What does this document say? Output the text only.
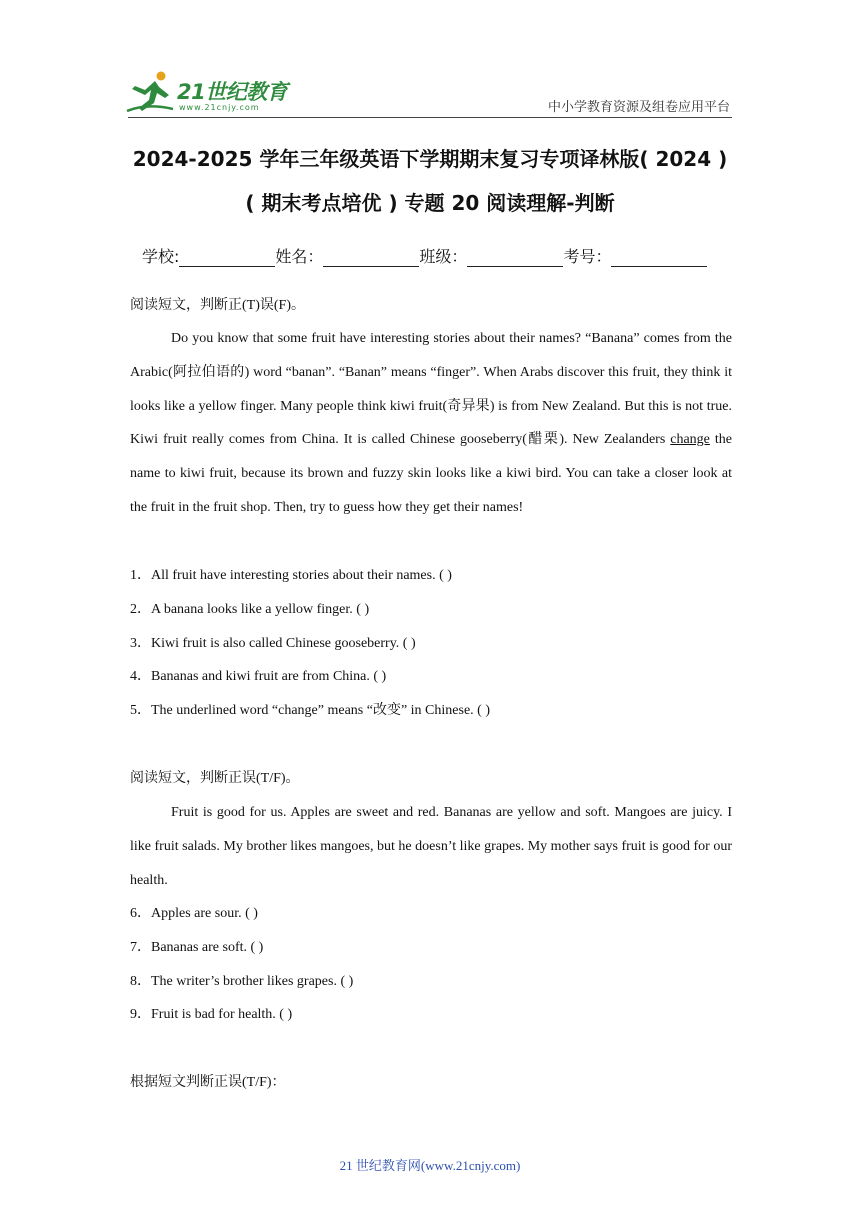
21世纪教育
www.21cnjy.com	中小学教育资源及组卷应用平台
2024-2025 学年三年级英语下学期期末复习专项译林版( 2024 )
( 期末考点培优 ) 专题 20 阅读理解-判断
学校:	姓名：	班级：	考号：
阅读短文，判断正(T)误(F)。

Do you know that some fruit have interesting stories about their names? “Banana” comes from the Arabic(阿拉伯语的) word “banan”. “Banan” means “finger”. When Arabs discover this fruit, they think it looks like a yellow finger. Many people think kiwi fruit(奇异果) is from New Zealand. But this is not true. Kiwi fruit really comes from China. It is called Chinese gooseberry(醋栗). New Zealanders change the name to kiwi fruit, because its brown and fuzzy skin looks like a kiwi bird. You can take a closer look at the fruit in the fruit shop. Then, try to guess how they get their names!

1．All fruit have interesting stories about their names. ( )
2．A banana looks like a yellow finger. ( )
3．Kiwi fruit is also called Chinese gooseberry. ( )
4．Bananas and kiwi fruit are from China. ( )
5．The underlined word “change” means “改变” in Chinese. ( )
阅读短文，判断正误(T/F)。
Fruit is good for us. Apples are sweet and red. Bananas are yellow and soft. Mangoes are juicy. I like fruit salads. My brother likes mangoes, but he doesn’t like grapes. My mother says fruit is good for our health.
6．Apples are sour. ( )
7．Bananas are soft. ( )
8．The writer’s brother likes grapes. ( )
9．Fruit is bad for health. ( )
根据短文判断正误(T/F)：
21 世纪教育网(www.21cnjy.com)
